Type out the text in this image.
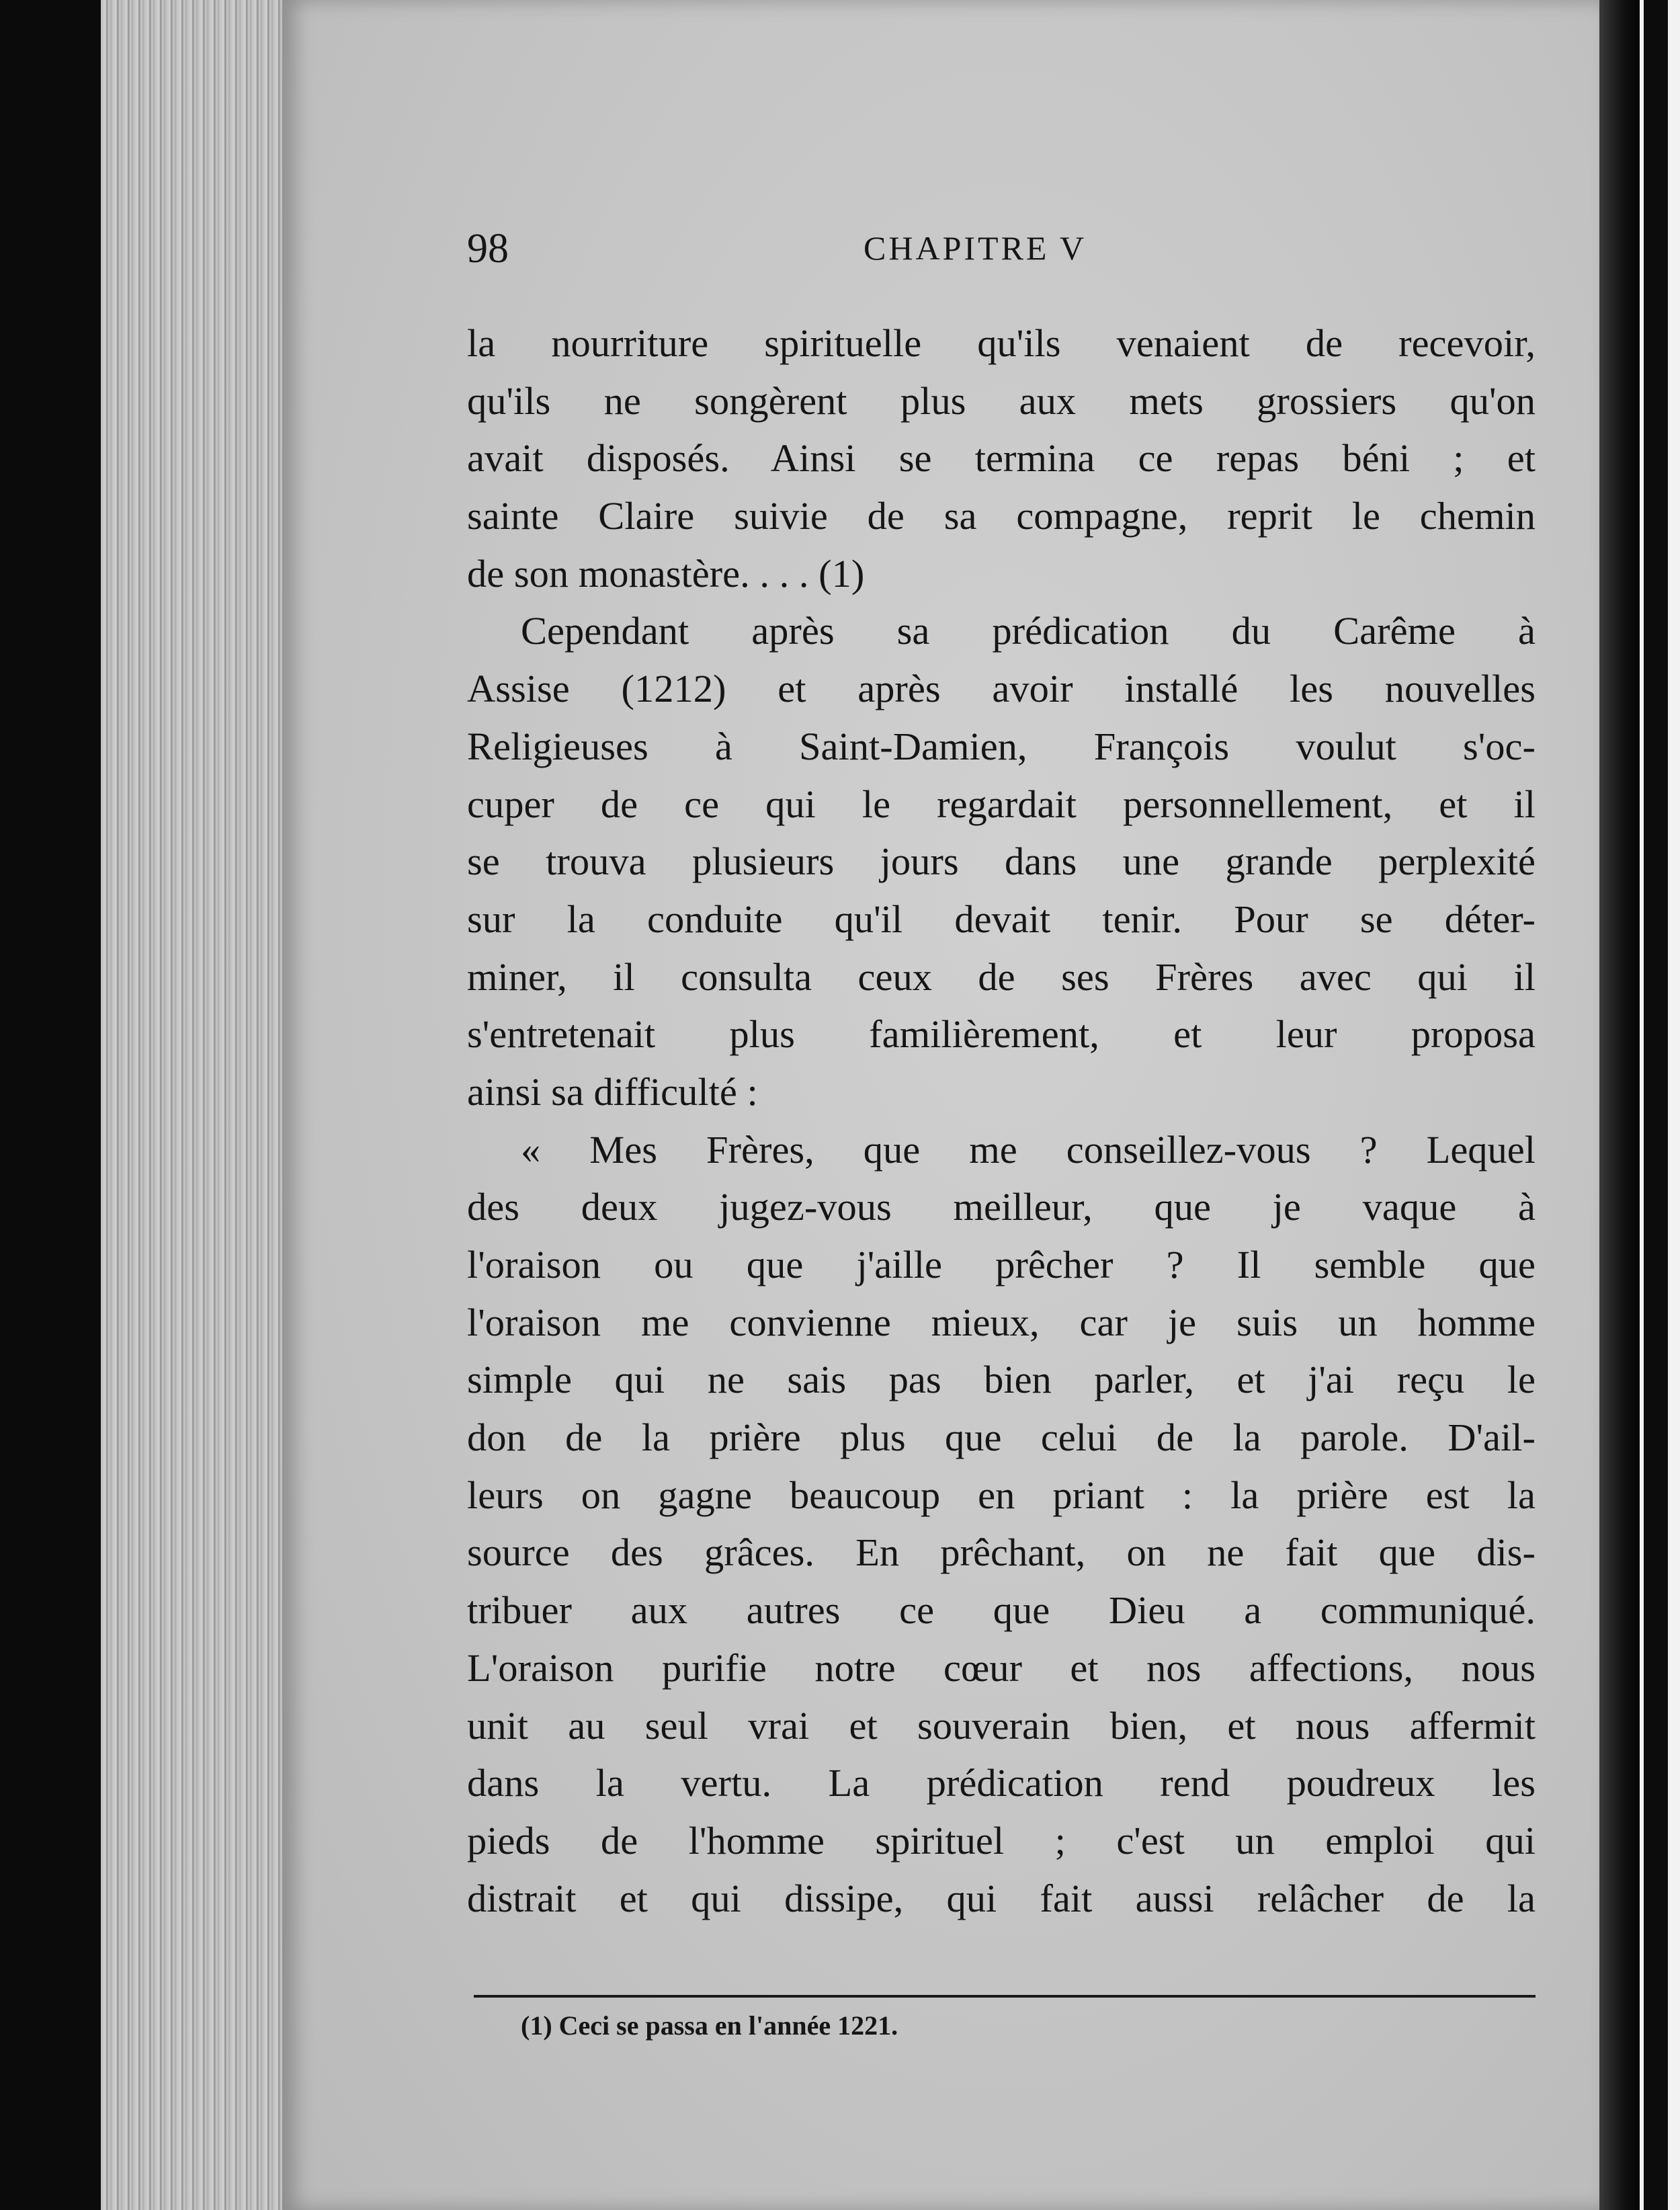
98	CHAPITRE V
la nourriture spirituelle qu'ils venaient de recevoir,
qu'ils ne songèrent plus aux mets grossiers qu'on
avait disposés. Ainsi se termina ce repas béni ; et
sainte Claire suivie de sa compagne, reprit le chemin
de son monastère. . . . (1)
Cependant après sa prédication du Carême à
Assise (1212) et après avoir installé les nouvelles
Religieuses à Saint-Damien, François voulut s'oc-
cuper de ce qui le regardait personnellement, et il
se trouva plusieurs jours dans une grande perplexité
sur la conduite qu'il devait tenir. Pour se déter-
miner, il consulta ceux de ses Frères avec qui il
s'entretenait plus familièrement, et leur proposa
ainsi sa difficulté :
« Mes Frères, que me conseillez-vous ? Lequel
des deux jugez-vous meilleur, que je vaque à
l'oraison ou que j'aille prêcher ? Il semble que
l'oraison me convienne mieux, car je suis un homme
simple qui ne sais pas bien parler, et j'ai reçu le
don de la prière plus que celui de la parole. D'ail-
leurs on gagne beaucoup en priant : la prière est la
source des grâces. En prêchant, on ne fait que dis-
tribuer aux autres ce que Dieu a communiqué.
L'oraison purifie notre cœur et nos affections, nous
unit au seul vrai et souverain bien, et nous affermit
dans la vertu. La prédication rend poudreux les
pieds de l'homme spirituel ; c'est un emploi qui
distrait et qui dissipe, qui fait aussi relâcher de la
(1) Ceci se passa en l'année 1221.
